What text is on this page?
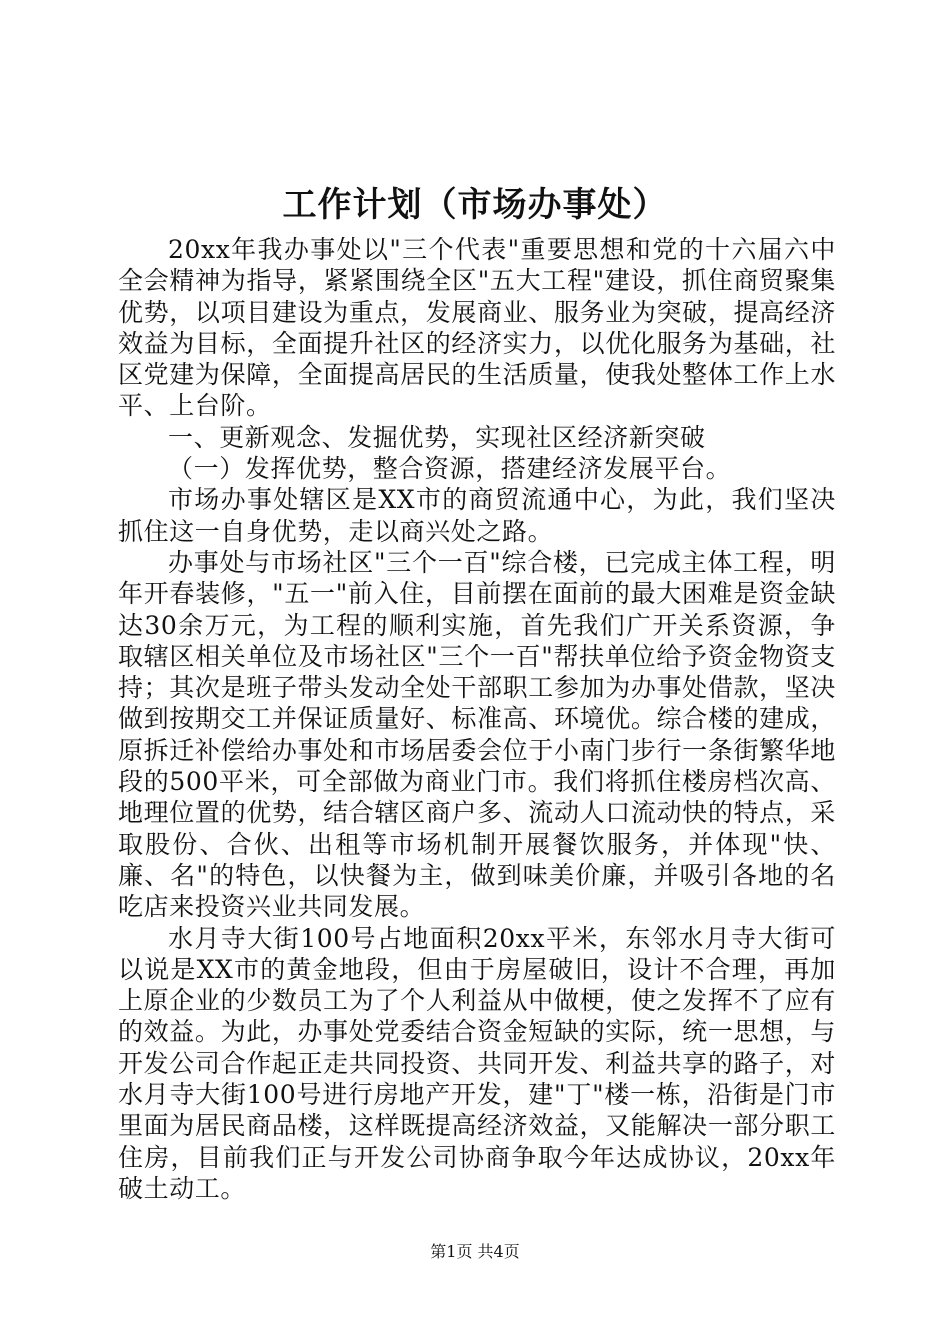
工作计划（市场办事处）

20xx年我办事处以"三个代表"重要思想和党的十六届六中全会精神为指导，紧紧围绕全区"五大工程"建设，抓住商贸聚集优势，以项目建设为重点，发展商业、服务业为突破，提高经济效益为目标，全面提升社区的经济实力，以优化服务为基础，社区党建为保障，全面提高居民的生活质量，使我处整体工作上水平、上台阶。

一、更新观念、发掘优势，实现社区经济新突破

（一）发挥优势，整合资源，搭建经济发展平台。

市场办事处辖区是XX市的商贸流通中心，为此，我们坚决抓住这一自身优势，走以商兴处之路。

办事处与市场社区"三个一百"综合楼，已完成主体工程，明年开春装修，"五一"前入住，目前摆在面前的最大困难是资金缺达30余万元，为工程的顺利实施，首先我们广开关系资源，争取辖区相关单位及市场社区"三个一百"帮扶单位给予资金物资支持；其次是班子带头发动全处干部职工参加为办事处借款，坚决做到按期交工并保证质量好、标准高、环境优。综合楼的建成，原拆迁补偿给办事处和市场居委会位于小南门步行一条街繁华地段的500平米，可全部做为商业门市。我们将抓住楼房档次高、地理位置的优势，结合辖区商户多、流动人口流动快的特点，采取股份、合伙、出租等市场机制开展餐饮服务，并体现"快、廉、名"的特色，以快餐为主，做到味美价廉，并吸引各地的名吃店来投资兴业共同发展。

水月寺大街100号占地面积20xx平米，东邻水月寺大街可以说是XX市的黄金地段，但由于房屋破旧，设计不合理，再加上原企业的少数员工为了个人利益从中做梗，使之发挥不了应有的效益。为此，办事处党委结合资金短缺的实际，统一思想，与开发公司合作起正走共同投资、共同开发、利益共享的路子，对水月寺大街100号进行房地产开发，建"丁"楼一栋，沿街是门市里面为居民商品楼，这样既提高经济效益，又能解决一部分职工住房，目前我们正与开发公司协商争取今年达成协议，20xx年破土动工。

第1页 共4页
